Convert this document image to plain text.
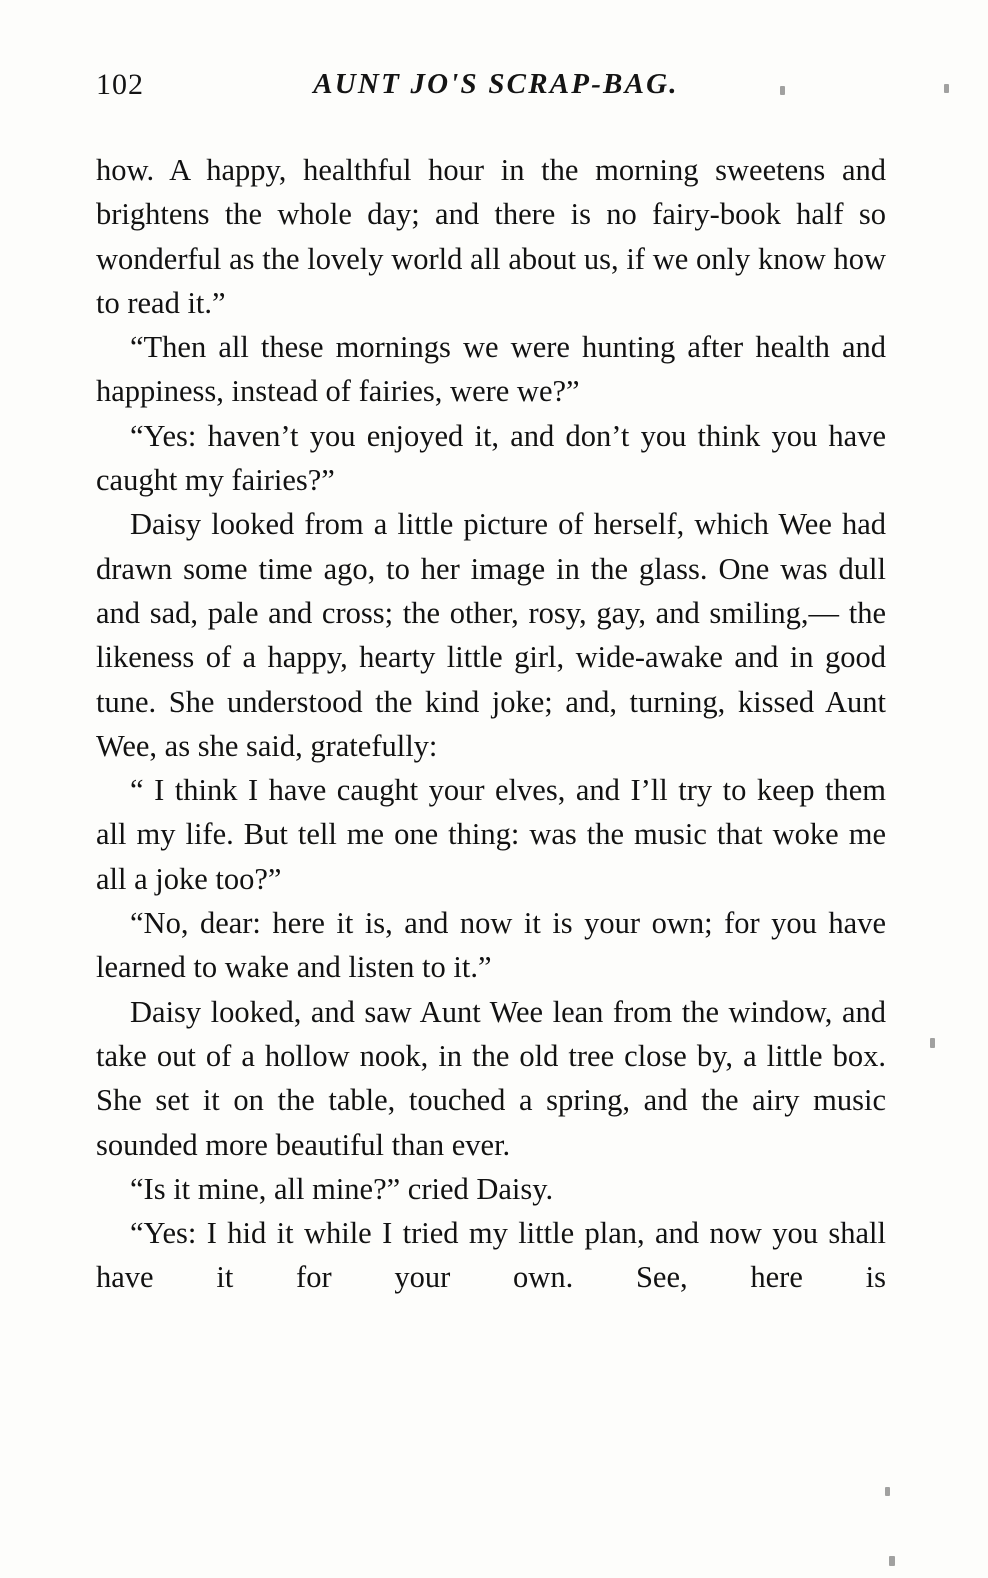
102	AUNT JO'S SCRAP-BAG.

how. A happy, healthful hour in the morning sweetens and brightens the whole day; and there is no fairy-book half so wonderful as the lovely world all about us, if we only know how to read it.”

“Then all these mornings we were hunting after health and happiness, instead of fairies, were we?”

“Yes: haven’t you enjoyed it, and don’t you think you have caught my fairies?”

Daisy looked from a little picture of herself, which Wee had drawn some time ago, to her image in the glass. One was dull and sad, pale and cross; the other, rosy, gay, and smiling,— the likeness of a happy, hearty little girl, wide-awake and in good tune. She understood the kind joke; and, turning, kissed Aunt Wee, as she said, gratefully:

“ I think I have caught your elves, and I’ll try to keep them all my life. But tell me one thing: was the music that woke me all a joke too?”

“No, dear: here it is, and now it is your own; for you have learned to wake and listen to it.”

Daisy looked, and saw Aunt Wee lean from the window, and take out of a hollow nook, in the old tree close by, a little box. She set it on the table, touched a spring, and the airy music sounded more beautiful than ever.

“Is it mine, all mine?” cried Daisy.

“Yes: I hid it while I tried my little plan, and now you shall have it for your own. See, here is
